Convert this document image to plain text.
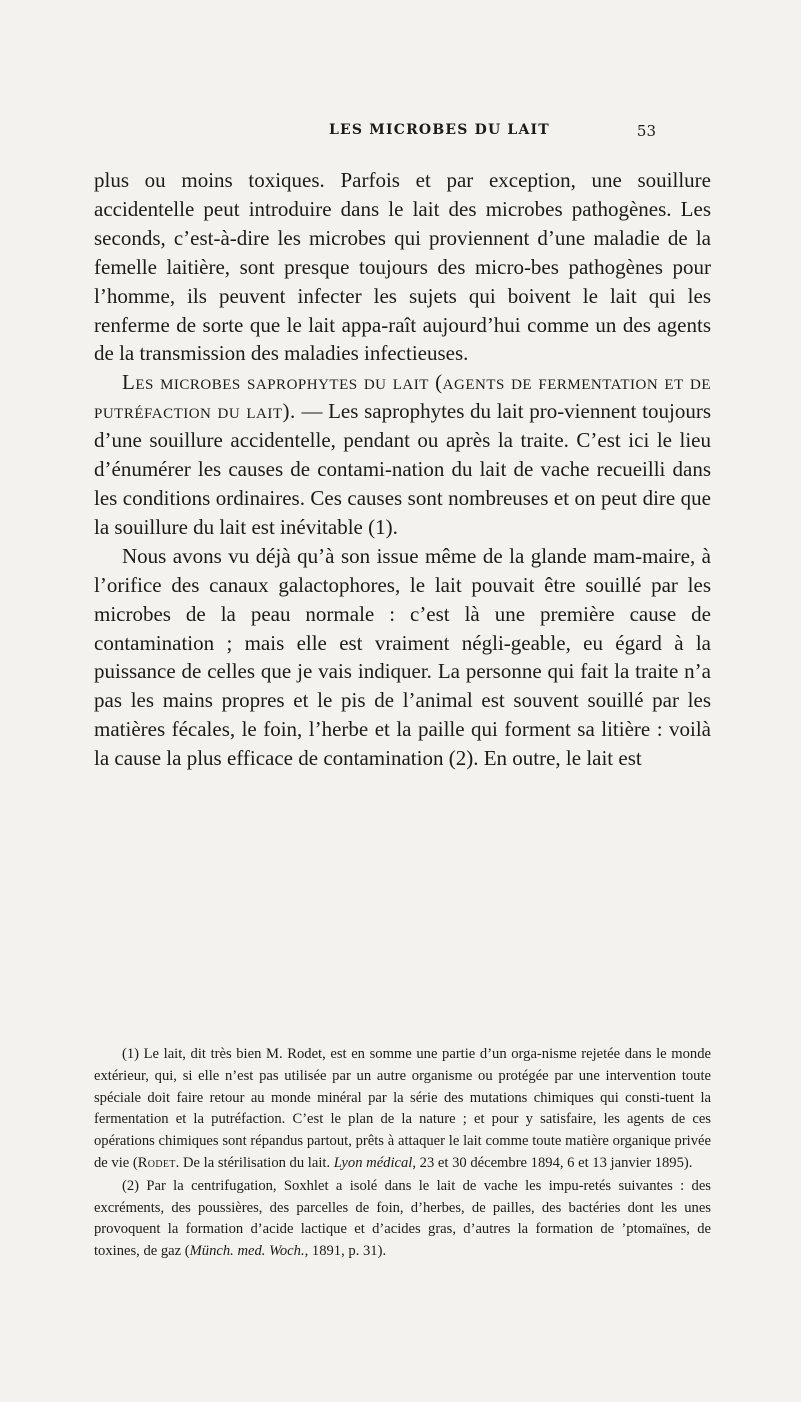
LES MICROBES DU LAIT	53

plus ou moins toxiques. Parfois et par exception, une souillure accidentelle peut introduire dans le lait des microbes pathogènes. Les seconds, c’est-à-dire les microbes qui proviennent d’une maladie de la femelle laitière, sont presque toujours des micro-bes pathogènes pour l’homme, ils peuvent infecter les sujets qui boivent le lait qui les renferme de sorte que le lait appa-raît aujourd’hui comme un des agents de la transmission des maladies infectieuses.

Les microbes saprophytes du lait (agents de fermentation et de putréfaction du lait). — Les saprophytes du lait pro-viennent toujours d’une souillure accidentelle, pendant ou après la traite. C’est ici le lieu d’énumérer les causes de contami-nation du lait de vache recueilli dans les conditions ordinaires. Ces causes sont nombreuses et on peut dire que la souillure du lait est inévitable (1).

Nous avons vu déjà qu’à son issue même de la glande mam-maire, à l’orifice des canaux galactophores, le lait pouvait être souillé par les microbes de la peau normale : c’est là une première cause de contamination ; mais elle est vraiment négli-geable, eu égard à la puissance de celles que je vais indiquer. La personne qui fait la traite n’a pas les mains propres et le pis de l’animal est souvent souillé par les matières fécales, le foin, l’herbe et la paille qui forment sa litière : voilà la cause la plus efficace de contamination (2). En outre, le lait est

(1) Le lait, dit très bien M. Rodet, est en somme une partie d’un orga-nisme rejetée dans le monde extérieur, qui, si elle n’est pas utilisée par un autre organisme ou protégée par une intervention toute spéciale doit faire retour au monde minéral par la série des mutations chimiques qui consti-tuent la fermentation et la putréfaction. C’est le plan de la nature ; et pour y satisfaire, les agents de ces opérations chimiques sont répandus partout, prêts à attaquer le lait comme toute matière organique privée de vie (Rodet. De la stérilisation du lait. Lyon médical, 23 et 30 décembre 1894, 6 et 13 janvier 1895).

(2) Par la centrifugation, Soxhlet a isolé dans le lait de vache les impu-retés suivantes : des excréments, des poussières, des parcelles de foin, d’herbes, de pailles, des bactéries dont les unes provoquent la formation d’acide lactique et d’acides gras, d’autres la formation de ’ptomaïnes, de toxines, de gaz (Münch. med. Woch., 1891, p. 31).
